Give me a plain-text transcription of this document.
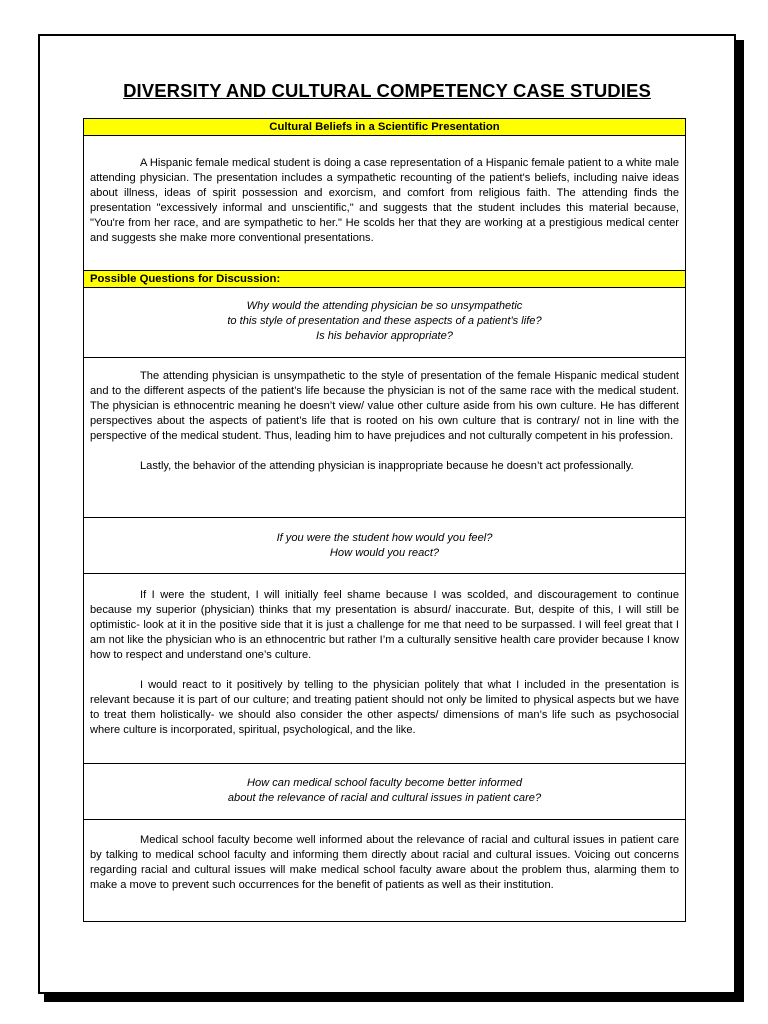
DIVERSITY AND CULTURAL COMPETENCY CASE STUDIES
Cultural Beliefs in a Scientific Presentation

A Hispanic female medical student is doing a case representation of a Hispanic female patient to a white male attending physician. The presentation includes a sympathetic recounting of the patient's beliefs, including naive ideas about illness, ideas of spirit possession and exorcism, and comfort from religious faith. The attending finds the presentation "excessively informal and unscientific," and suggests that the student includes this material because, "You're from her race, and are sympathetic to her." He scolds her that they are working at a prestigious medical center and suggests she make more conventional presentations.

Possible Questions for Discussion:
Why would the attending physician be so unsympathetic
to this style of presentation and these aspects of a patient’s life?
Is his behavior appropriate?

The attending physician is unsympathetic to the style of presentation of the female Hispanic medical student and to the different aspects of the patient’s life because the physician is not of the same race with the medical student. The physician is ethnocentric meaning he doesn’t view/ value other culture aside from his own culture. He has different perspectives about the aspects of patient’s life that is rooted on his own culture that is contrary/ not in line with the perspective of the medical student. Thus, leading him to have prejudices and not culturally competent in his profession.

Lastly, the behavior of the attending physician is inappropriate because he doesn’t act professionally.

If you were the student how would you feel?
How would you react?

If I were the student, I will initially feel shame because I was scolded, and discouragement to continue because my superior (physician) thinks that my presentation is absurd/ inaccurate. But, despite of this, I will still be optimistic- look at it in the positive side that it is just a challenge for me that need to be surpassed. I will feel great that I am not like the physician who is an ethnocentric but rather I’m a culturally sensitive health care provider because I know how to respect and understand one’s culture.

I would react to it positively by telling to the physician politely that what I included in the presentation is relevant because it is part of our culture; and treating patient should not only be limited to physical aspects but we have to treat them holistically- we should also consider the other aspects/ dimensions of man’s life such as psychosocial where culture is incorporated, spiritual, psychological, and the like.

How can medical school faculty become better informed
about the relevance of racial and cultural issues in patient care?

Medical school faculty become well informed about the relevance of racial and cultural issues in patient care by talking to medical school faculty and informing them directly about racial and cultural issues. Voicing out concerns regarding racial and cultural issues will make medical school faculty aware about the problem thus, alarming them to make a move to prevent such occurrences for the benefit of patients as well as their institution.
